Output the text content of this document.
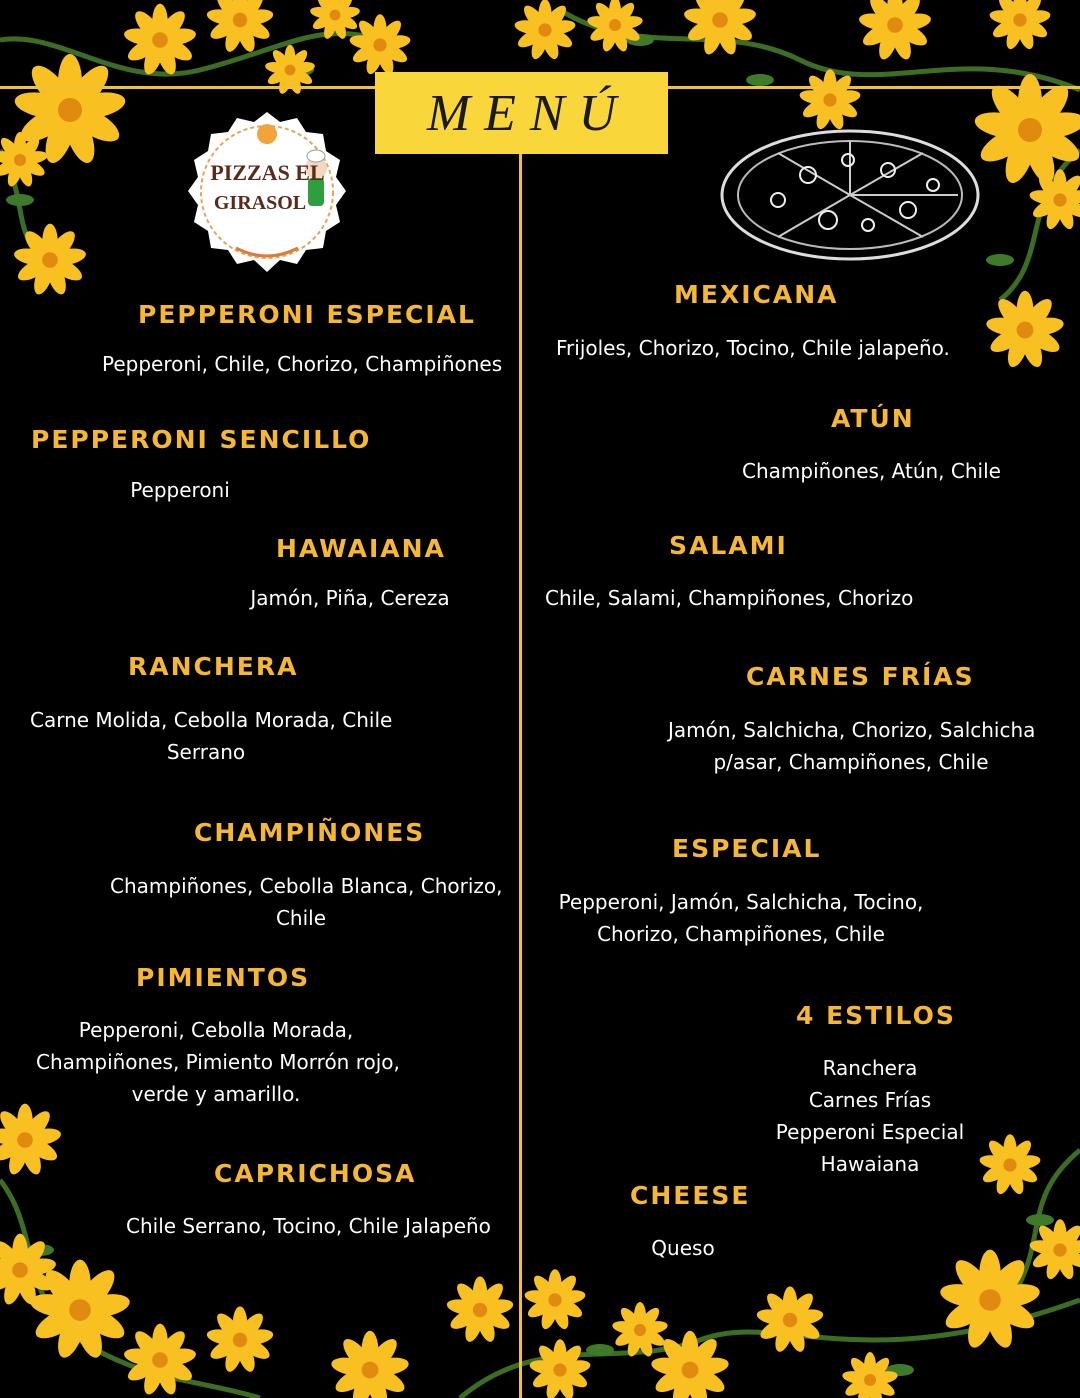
MENÚ
PIZZAS EL
GIRASOL
PEPPERONI ESPECIAL
Pepperoni, Chile, Chorizo, Champiñones
PEPPERONI SENCILLO
Pepperoni
HAWAIANA
Jamón, Piña, Cereza
RANCHERA
Carne Molida, Cebolla Morada, Chile
Serrano
CHAMPIÑONES
Champiñones, Cebolla Blanca, Chorizo,
Chile
PIMIENTOS
Pepperoni, Cebolla Morada,
Champiñones, Pimiento Morrón rojo,
verde y amarillo.
CAPRICHOSA
Chile Serrano, Tocino, Chile Jalapeño
MEXICANA
Frijoles, Chorizo, Tocino, Chile jalapeño.
ATÚN
Champiñones, Atún, Chile
SALAMI
Chile, Salami, Champiñones, Chorizo
CARNES FRÍAS
Jamón, Salchicha, Chorizo, Salchicha
p/asar, Champiñones, Chile
ESPECIAL
Pepperoni, Jamón, Salchicha, Tocino,
Chorizo, Champiñones, Chile
4 ESTILOS
Ranchera
Carnes Frías
Pepperoni Especial
Hawaiana
CHEESE
Queso
